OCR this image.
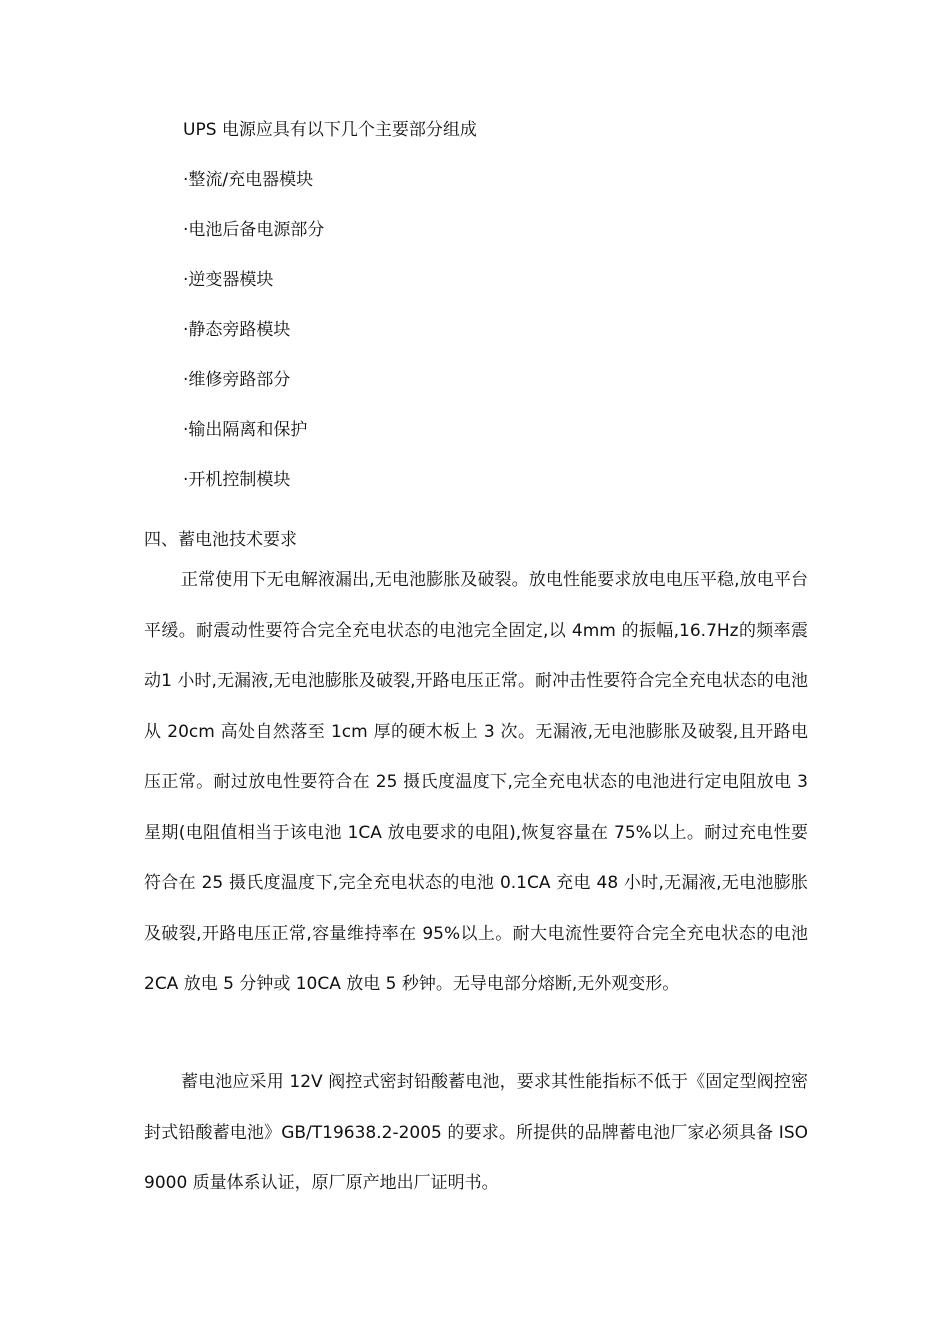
UPS 电源应具有以下几个主要部分组成
·整流/充电器模块
·电池后备电源部分
·逆变器模块
·静态旁路模块
·维修旁路部分
·输出隔离和保护
·开机控制模块
四、蓄电池技术要求

正常使用下无电解液漏出,无电池膨胀及破裂。放电性能要求放电电压平稳,放电平台平缓。耐震动性要符合完全充电状态的电池完全固定,以 4mm 的振幅,16.7Hz的频率震动1 小时,无漏液,无电池膨胀及破裂,开路电压正常。耐冲击性要符合完全充电状态的电池从 20cm 高处自然落至 1cm 厚的硬木板上 3 次。无漏液,无电池膨胀及破裂,且开路电压正常。耐过放电性要符合在 25 摄氏度温度下,完全充电状态的电池进行定电阻放电 3 星期(电阻值相当于该电池 1CA 放电要求的电阻),恢复容量在 75%以上。耐过充电性要符合在 25 摄氏度温度下,完全充电状态的电池 0.1CA 充电 48 小时,无漏液,无电池膨胀及破裂,开路电压正常,容量维持率在 95%以上。耐大电流性要符合完全充电状态的电池 2CA 放电 5 分钟或 10CA 放电 5 秒钟。无导电部分熔断,无外观变形。

蓄电池应采用 12V 阀控式密封铅酸蓄电池，要求其性能指标不低于《固定型阀控密封式铅酸蓄电池》GB/T19638.2-2005 的要求。所提供的品牌蓄电池厂家必须具备 ISO9000 质量体系认证，原厂原产地出厂证明书。
